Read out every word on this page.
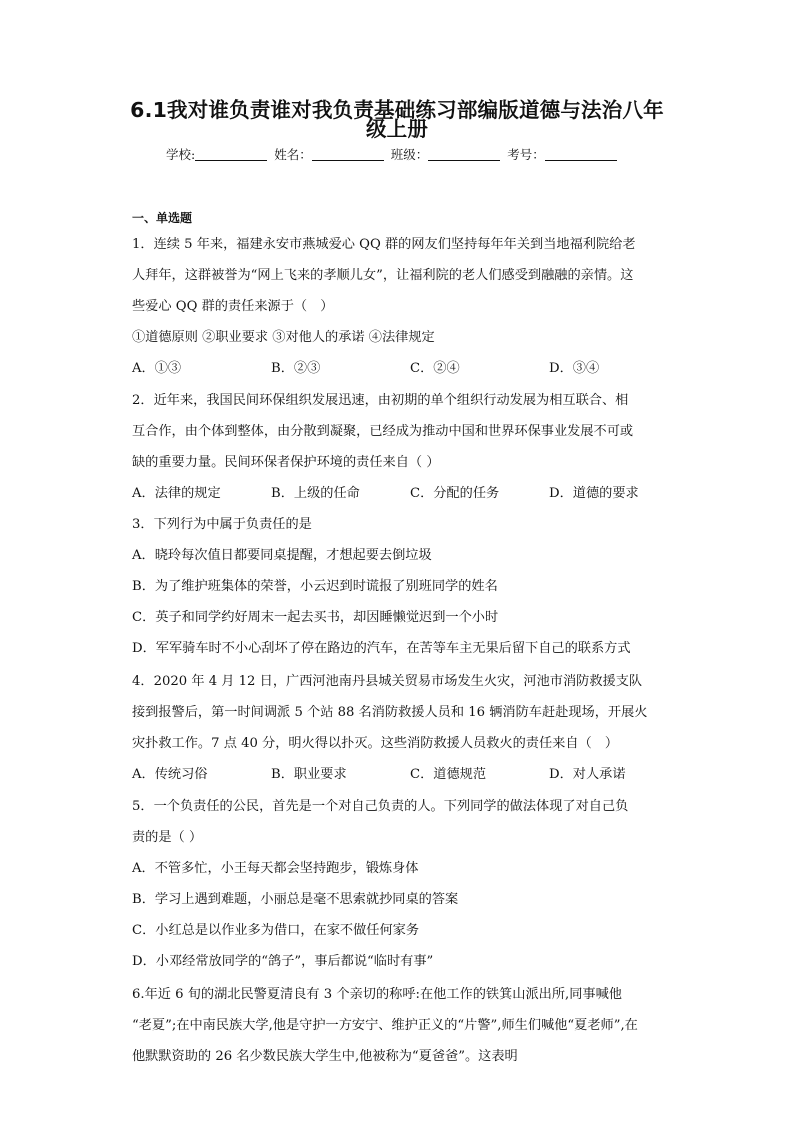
6.1我对谁负责谁对我负责基础练习部编版道德与法治八年
级上册
学校:	姓名：	班级：	考号：
一、单选题
1．连续 5 年来，福建永安市燕城爱心 QQ 群的网友们坚持每年年关到当地福利院给老
人拜年，这群被誉为“网上飞来的孝顺儿女”，让福利院的老人们感受到融融的亲情。这
些爱心 QQ 群的责任来源于（　）
①道德原则 ②职业要求 ③对他人的承诺 ④法律规定
A．①③	B．②③	C．②④	D．③④
2．近年来，我国民间环保组织发展迅速，由初期的单个组织行动发展为相互联合、相
互合作，由个体到整体，由分散到凝聚，已经成为推动中国和世界环保事业发展不可或
缺的重要力量。民间环保者保护环境的责任来自（ ）
A．法律的规定	B．上级的任命	C．分配的任务	D．道德的要求
3．下列行为中属于负责任的是
A．晓玲每次值日都要同桌提醒，才想起要去倒垃圾
B．为了维护班集体的荣誉，小云迟到时谎报了别班同学的姓名
C．英子和同学约好周末一起去买书，却因睡懒觉迟到一个小时
D．军军骑车时不小心刮坏了停在路边的汽车，在苦等车主无果后留下自己的联系方式
4．2020 年 4 月 12 日，广西河池南丹县城关贸易市场发生火灾，河池市消防救援支队
接到报警后，第一时间调派 5 个站 88 名消防救援人员和 16 辆消防车赶赴现场，开展火
灾扑救工作。7 点 40 分，明火得以扑灭。这些消防救援人员救火的责任来自（　）
A．传统习俗	B．职业要求	C．道德规范	D．对人承诺
5．一个负责任的公民，首先是一个对自己负责的人。下列同学的做法体现了对自己负
责的是（ ）
A．不管多忙，小王每天都会坚持跑步，锻炼身体
B．学习上遇到难题，小丽总是毫不思索就抄同桌的答案
C．小红总是以作业多为借口，在家不做任何家务
D．小邓经常放同学的“鸽子”，事后都说“临时有事”
6.年近 6 旬的湖北民警夏清良有 3 个亲切的称呼:在他工作的铁箕山派出所,同事喊他
“老夏”;在中南民族大学,他是守护一方安宁、维护正义的“片警”,师生们喊他“夏老师”,在
他默默资助的 26 名少数民族大学生中,他被称为“夏爸爸”。这表明
